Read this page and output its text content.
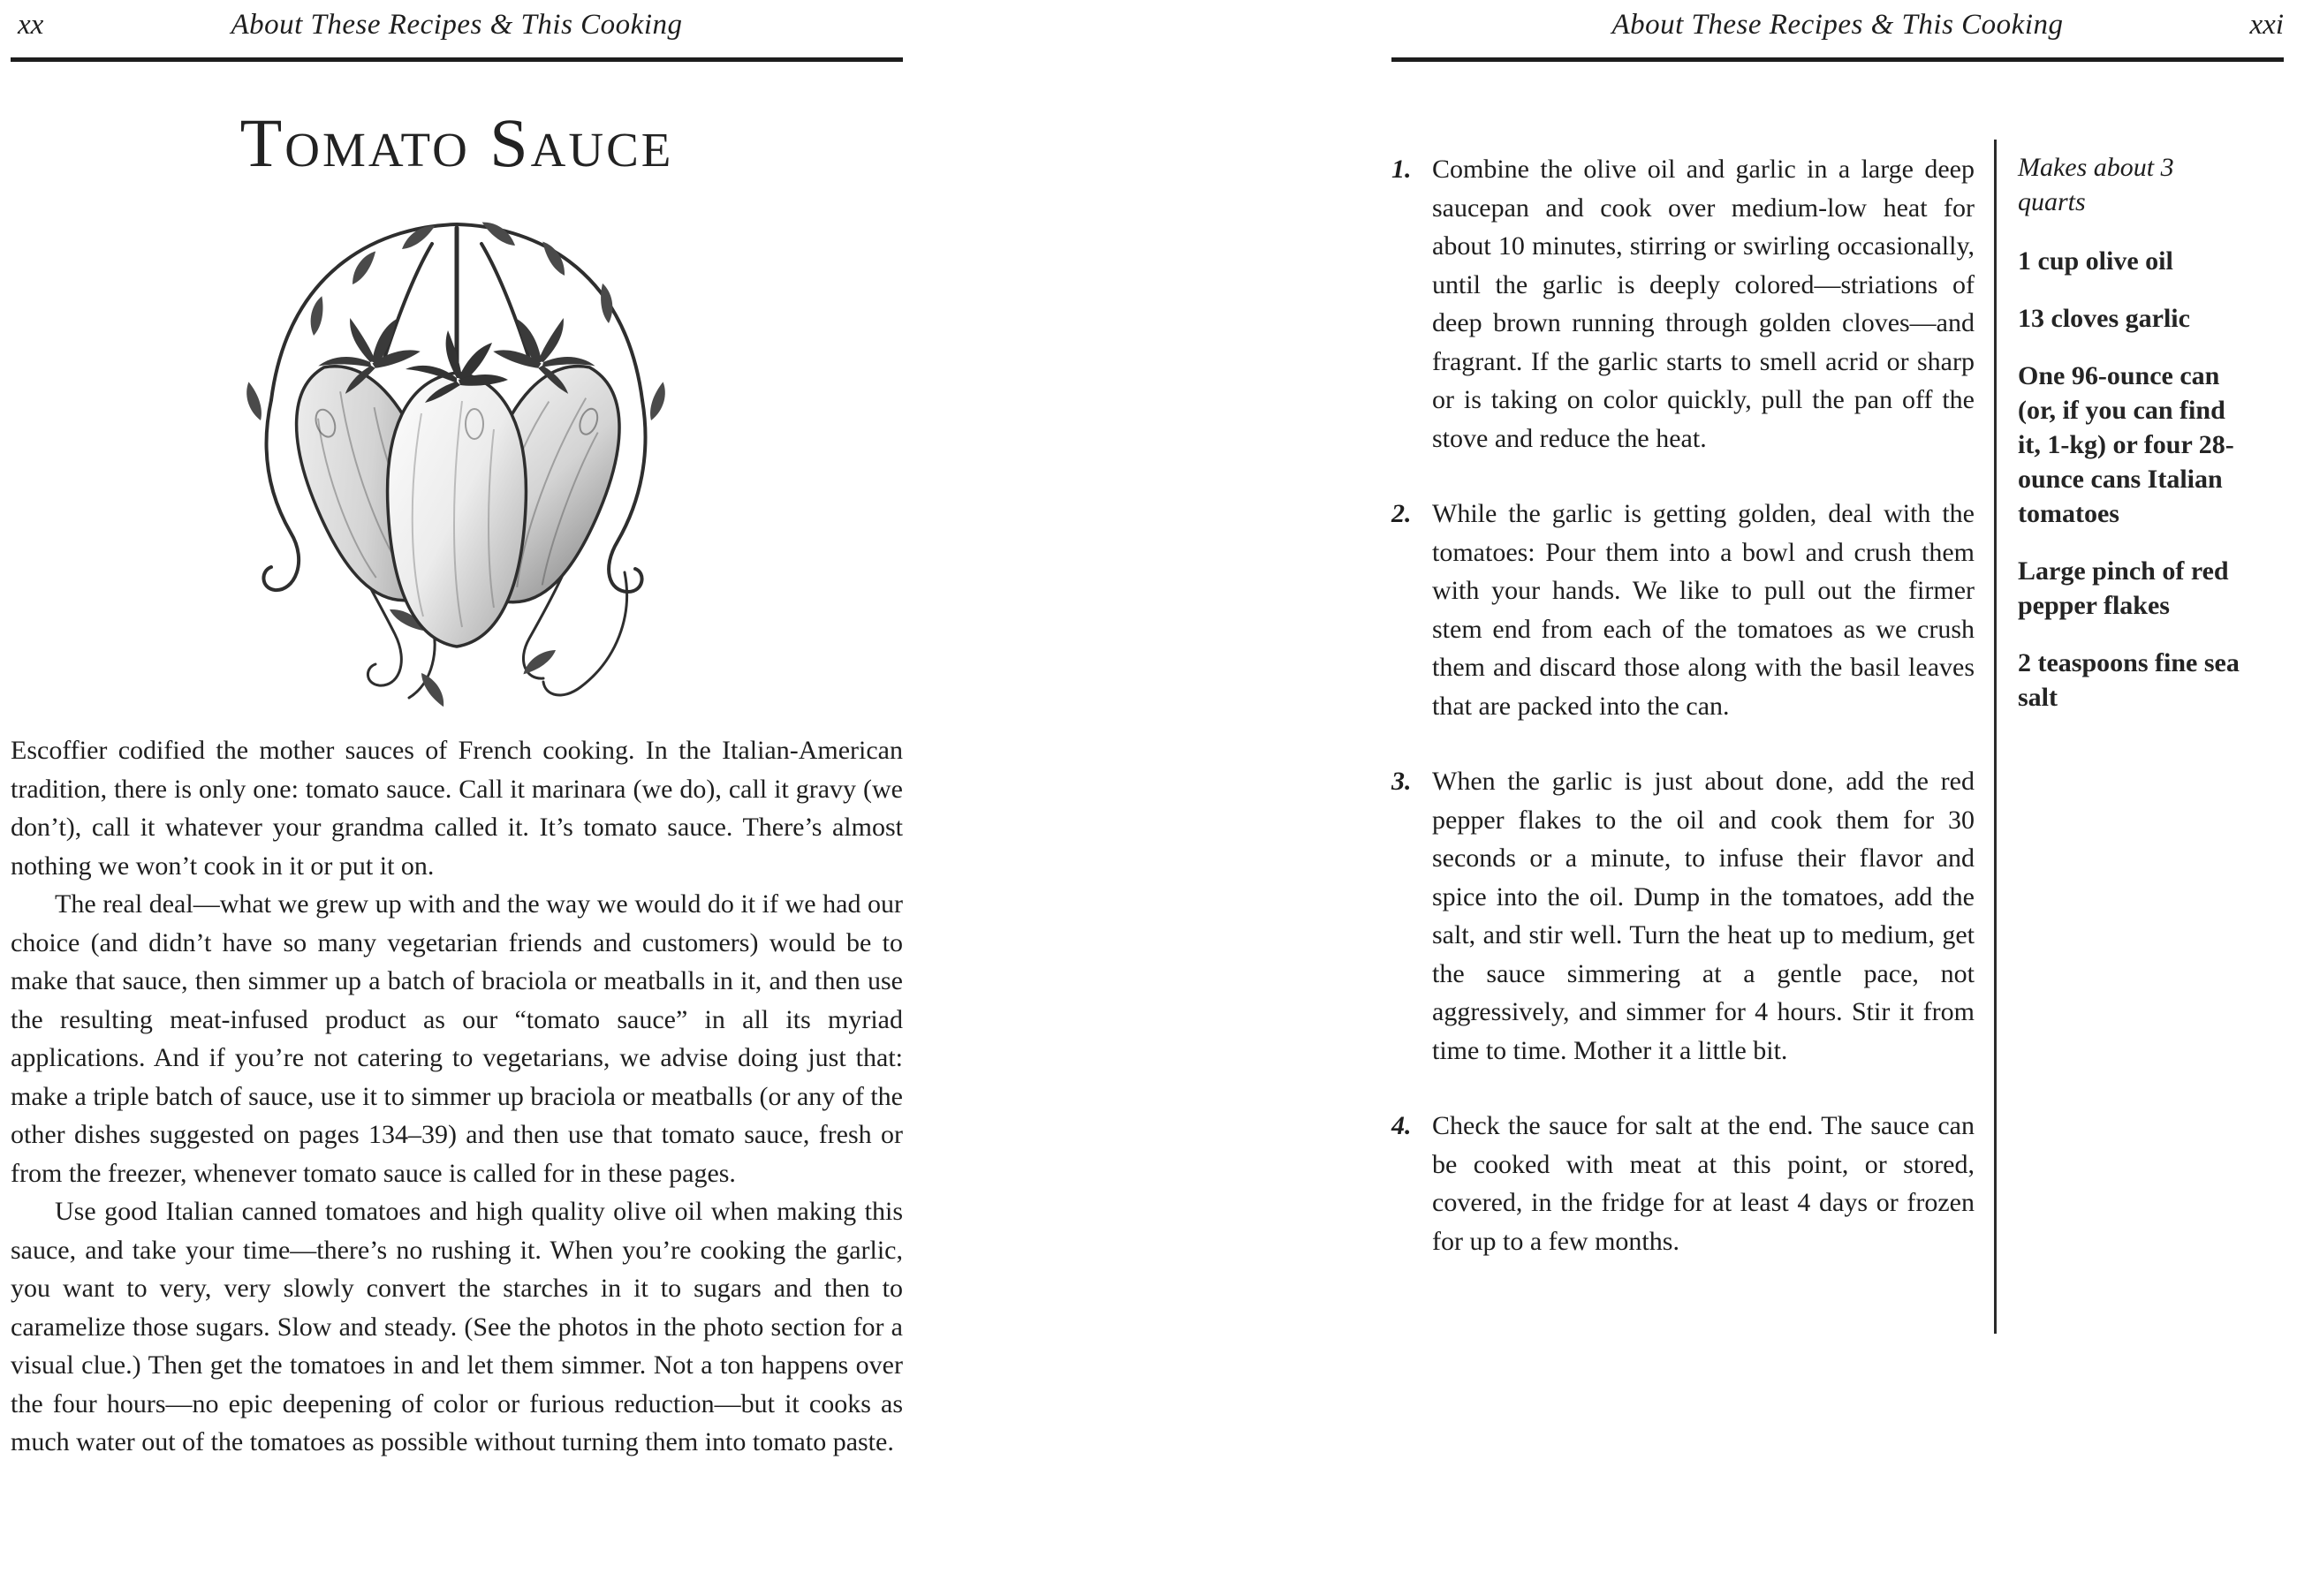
xx	About These Recipes & This Cooking
Tomato Sauce

Escoffier codified the mother sauces of French cooking. In the Italian-American tradition, there is only one: tomato sauce. Call it marinara (we do), call it gravy (we don’t), call it whatever your grandma called it. It’s tomato sauce. There’s almost nothing we won’t cook in it or put it on.

The real deal—what we grew up with and the way we would do it if we had our choice (and didn’t have so many vegetarian friends and customers) would be to make that sauce, then simmer up a batch of braciola or meatballs in it, and then use the resulting meat-infused product as our “tomato sauce” in all its myriad applications. And if you’re not catering to vegetarians, we advise doing just that: make a triple batch of sauce, use it to simmer up braciola or meatballs (or any of the other dishes suggested on pages 134–39) and then use that tomato sauce, fresh or from the freezer, whenever tomato sauce is called for in these pages.

Use good Italian canned tomatoes and high quality olive oil when making this sauce, and take your time—there’s no rushing it. When you’re cooking the garlic, you want to very, very slowly convert the starches in it to sugars and then to caramelize those sugars. Slow and steady. (See the photos in the photo section for a visual clue.) Then get the tomatoes in and let them simmer. Not a ton happens over the four hours—no epic deepening of color or furious reduction—but it cooks as much water out of the tomatoes as possible without turning them into tomato paste.

About These Recipes & This Cooking	xxi
1. Combine the olive oil and garlic in a large deep saucepan and cook over medium-low heat for about 10 minutes, stirring or swirling occasionally, until the garlic is deeply colored—striations of deep brown running through golden cloves—and fragrant. If the garlic starts to smell acrid or sharp or is taking on color quickly, pull the pan off the stove and reduce the heat.
2. While the garlic is getting golden, deal with the tomatoes: Pour them into a bowl and crush them with your hands. We like to pull out the firmer stem end from each of the tomatoes as we crush them and discard those along with the basil leaves that are packed into the can.
3. When the garlic is just about done, add the red pepper flakes to the oil and cook them for 30 seconds or a minute, to infuse their flavor and spice into the oil. Dump in the tomatoes, add the salt, and stir well. Turn the heat up to medium, get the sauce simmering at a gentle pace, not aggressively, and simmer for 4 hours. Stir it from time to time. Mother it a little bit.
4. Check the sauce for salt at the end. The sauce can be cooked with meat at this point, or stored, covered, in the fridge for at least 4 days or frozen for up to a few months.
Makes about 3 quarts
1 cup olive oil
13 cloves garlic
One 96-ounce can (or, if you can find it, 1-kg) or four 28-ounce cans Italian tomatoes
Large pinch of red pepper flakes
2 teaspoons fine sea salt
